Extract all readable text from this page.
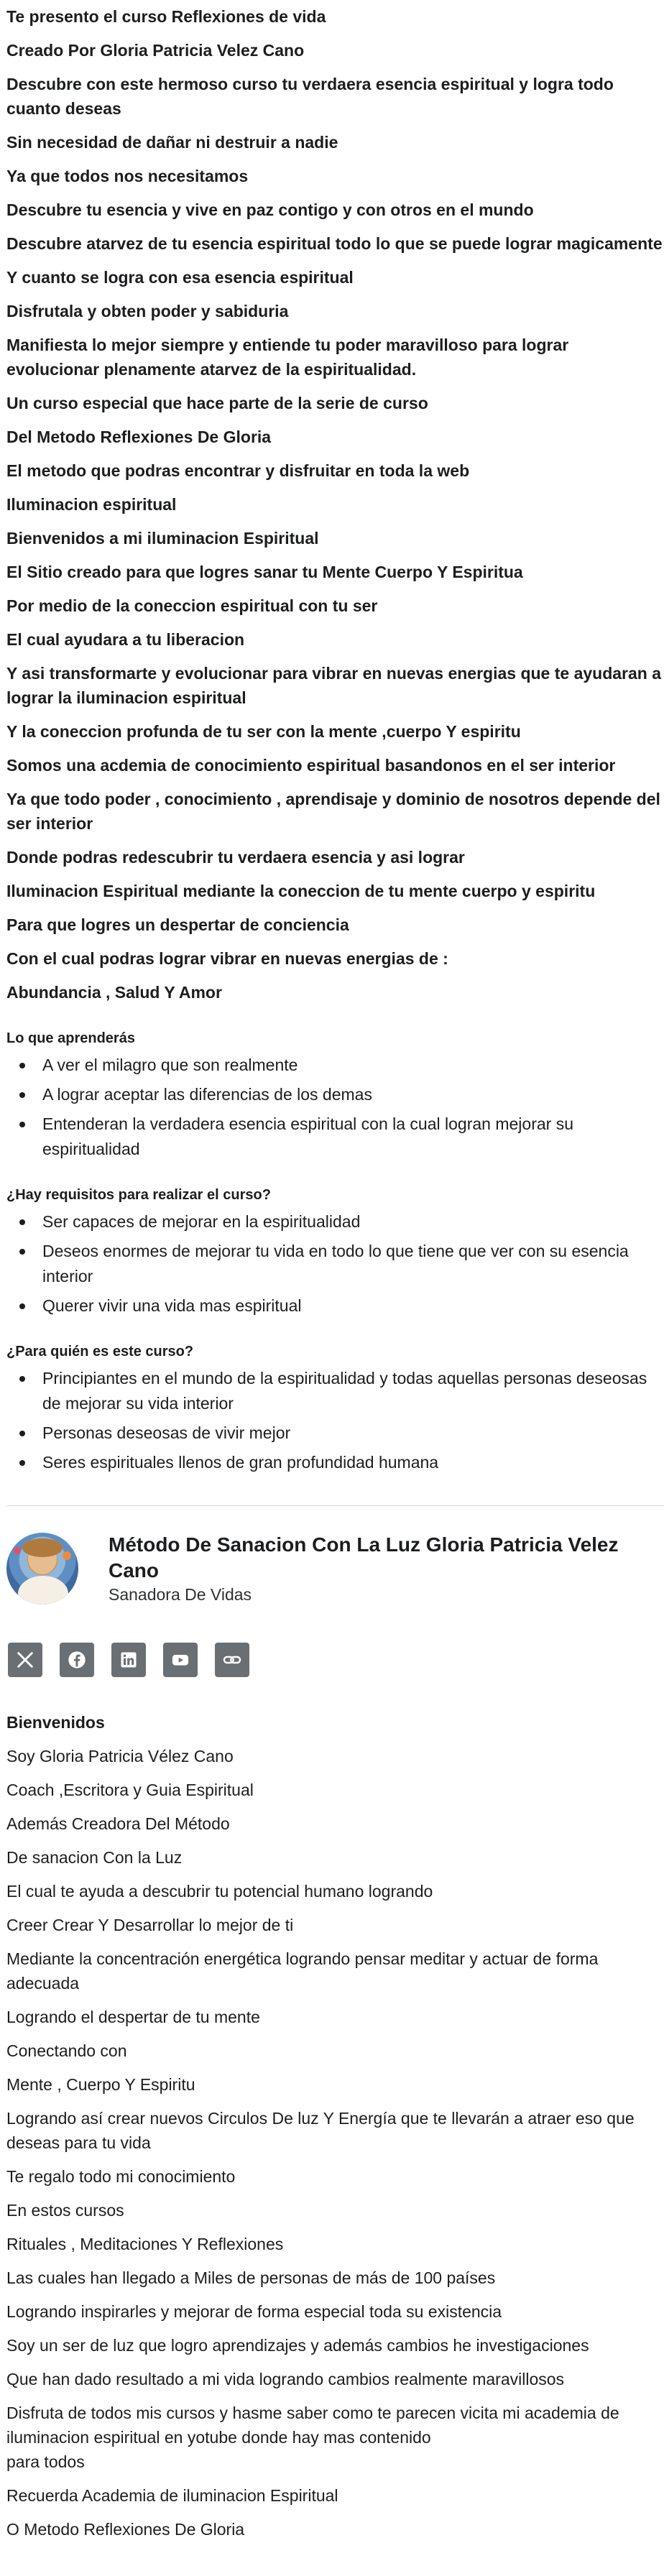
Te presento el curso Reflexiones de vida

Creado Por Gloria Patricia Velez Cano

Descubre con este hermoso curso tu verdaera esencia espiritual y logra todo cuanto deseas

Sin necesidad de dañar ni destruir a nadie

Ya que todos nos necesitamos

Descubre tu esencia y vive en paz contigo y con otros en el mundo

Descubre atarvez de tu esencia espiritual todo lo que se puede lograr magicamente

Y cuanto se logra con esa esencia espiritual

Disfrutala y obten poder y sabiduria

Manifiesta lo mejor siempre y entiende tu poder maravilloso para lograr evolucionar plenamente atarvez de la espiritualidad.

Un curso especial que hace parte de la serie de curso

Del Metodo Reflexiones De Gloria

El metodo que podras encontrar y disfruitar en toda la web

Iluminacion espiritual

Bienvenidos a mi iluminacion Espiritual

El Sitio creado para que logres sanar tu Mente Cuerpo Y Espiritua

Por medio de la coneccion espiritual con tu ser

El cual ayudara a tu liberacion

Y asi transformarte y evolucionar para vibrar en nuevas energias que te ayudaran a lograr la iluminacion espiritual

Y la coneccion profunda de tu ser con la mente ,cuerpo Y espiritu

Somos una acdemia de conocimiento espiritual basandonos en el ser interior

Ya que todo poder , conocimiento , aprendisaje y dominio de nosotros depende del ser interior

Donde podras redescubrir tu verdaera esencia y asi lograr

Iluminacion Espiritual mediante la coneccion de tu mente cuerpo y espiritu

Para que logres un despertar de conciencia

Con el cual podras lograr vibrar en nuevas energias de :

Abundancia , Salud Y Amor

Lo que aprenderás
A ver el milagro que son realmente
A lograr aceptar las diferencias de los demas
Entenderan la verdadera esencia espiritual con la cual logran mejorar su espiritualidad
¿Hay requisitos para realizar el curso?
Ser capaces de mejorar en la espiritualidad
Deseos enormes de mejorar tu vida en todo lo que tiene que ver con su esencia interior
Querer vivir una vida mas espiritual
¿Para quién es este curso?
Principiantes en el mundo de la espiritualidad y todas aquellas personas deseosas de mejorar su vida interior
Personas deseosas de vivir mejor
Seres espirituales llenos de gran profundidad humana

Método De Sanacion Con La Luz Gloria Patricia Velez Cano

Sanadora De Vidas

Bienvenidos

Soy Gloria Patricia Vélez Cano

Coach ,Escritora y Guia Espiritual

Además Creadora Del Método

De sanacion Con la Luz

El cual te ayuda a descubrir tu potencial humano logrando

Creer Crear Y Desarrollar lo mejor de ti

Mediante la concentración energética logrando pensar meditar y actuar de forma adecuada

Logrando el despertar de tu mente

Conectando con

Mente , Cuerpo Y Espiritu

Logrando así crear nuevos Circulos De luz Y Energía que te llevarán a atraer eso que deseas para tu vida

Te regalo todo mi conocimiento

En estos cursos

Rituales , Meditaciones Y Reflexiones

Las cuales han llegado a Miles de personas de más de 100 países

Logrando inspirarles y mejorar de forma especial toda su existencia

Soy un ser de luz que logro aprendizajes y además cambios he investigaciones

Que han dado resultado a mi vida logrando cambios realmente maravillosos

Disfruta de todos mis cursos y hasme saber como te parecen vicita mi academia de iluminacion espiritual en yotube donde hay mas contenido
para todos

Recuerda Academia de iluminacion Espiritual

O Metodo Reflexiones De Gloria
